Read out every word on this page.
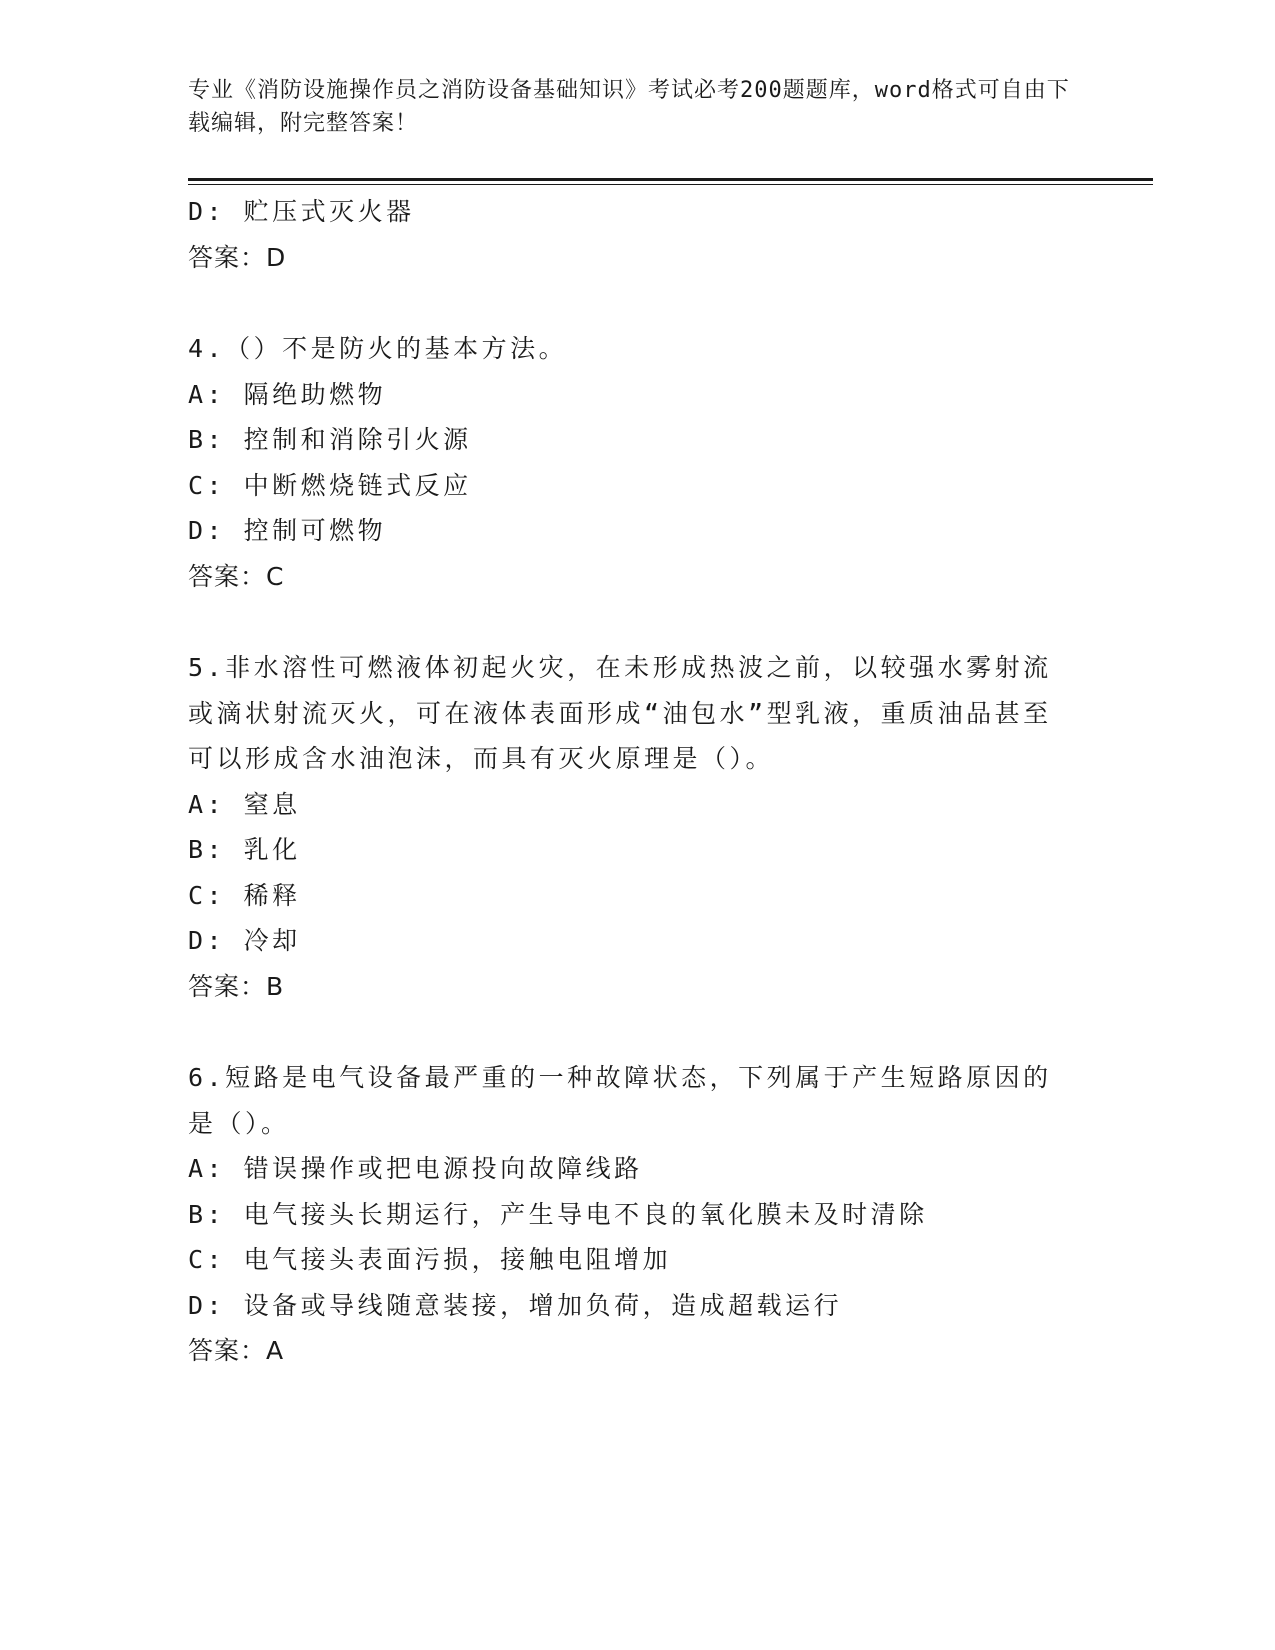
专业《消防设施操作员之消防设备基础知识》考试必考200题题库，word格式可自由下载编辑，附完整答案！
D: 贮压式灭火器
答案：D
4.（）不是防火的基本方法。
A: 隔绝助燃物
B: 控制和消除引火源
C: 中断燃烧链式反应
D: 控制可燃物
答案：C
5.非水溶性可燃液体初起火灾，在未形成热波之前，以较强水雾射流或滴状射流灭火，可在液体表面形成“油包水”型乳液，重质油品甚至可以形成含水油泡沫，而具有灭火原理是（）。
A: 窒息
B: 乳化
C: 稀释
D: 冷却
答案：B
6.短路是电气设备最严重的一种故障状态，下列属于产生短路原因的是（）。
A: 错误操作或把电源投向故障线路
B: 电气接头长期运行，产生导电不良的氧化膜未及时清除
C: 电气接头表面污损，接触电阻增加
D: 设备或导线随意装接，增加负荷，造成超载运行
答案：A
